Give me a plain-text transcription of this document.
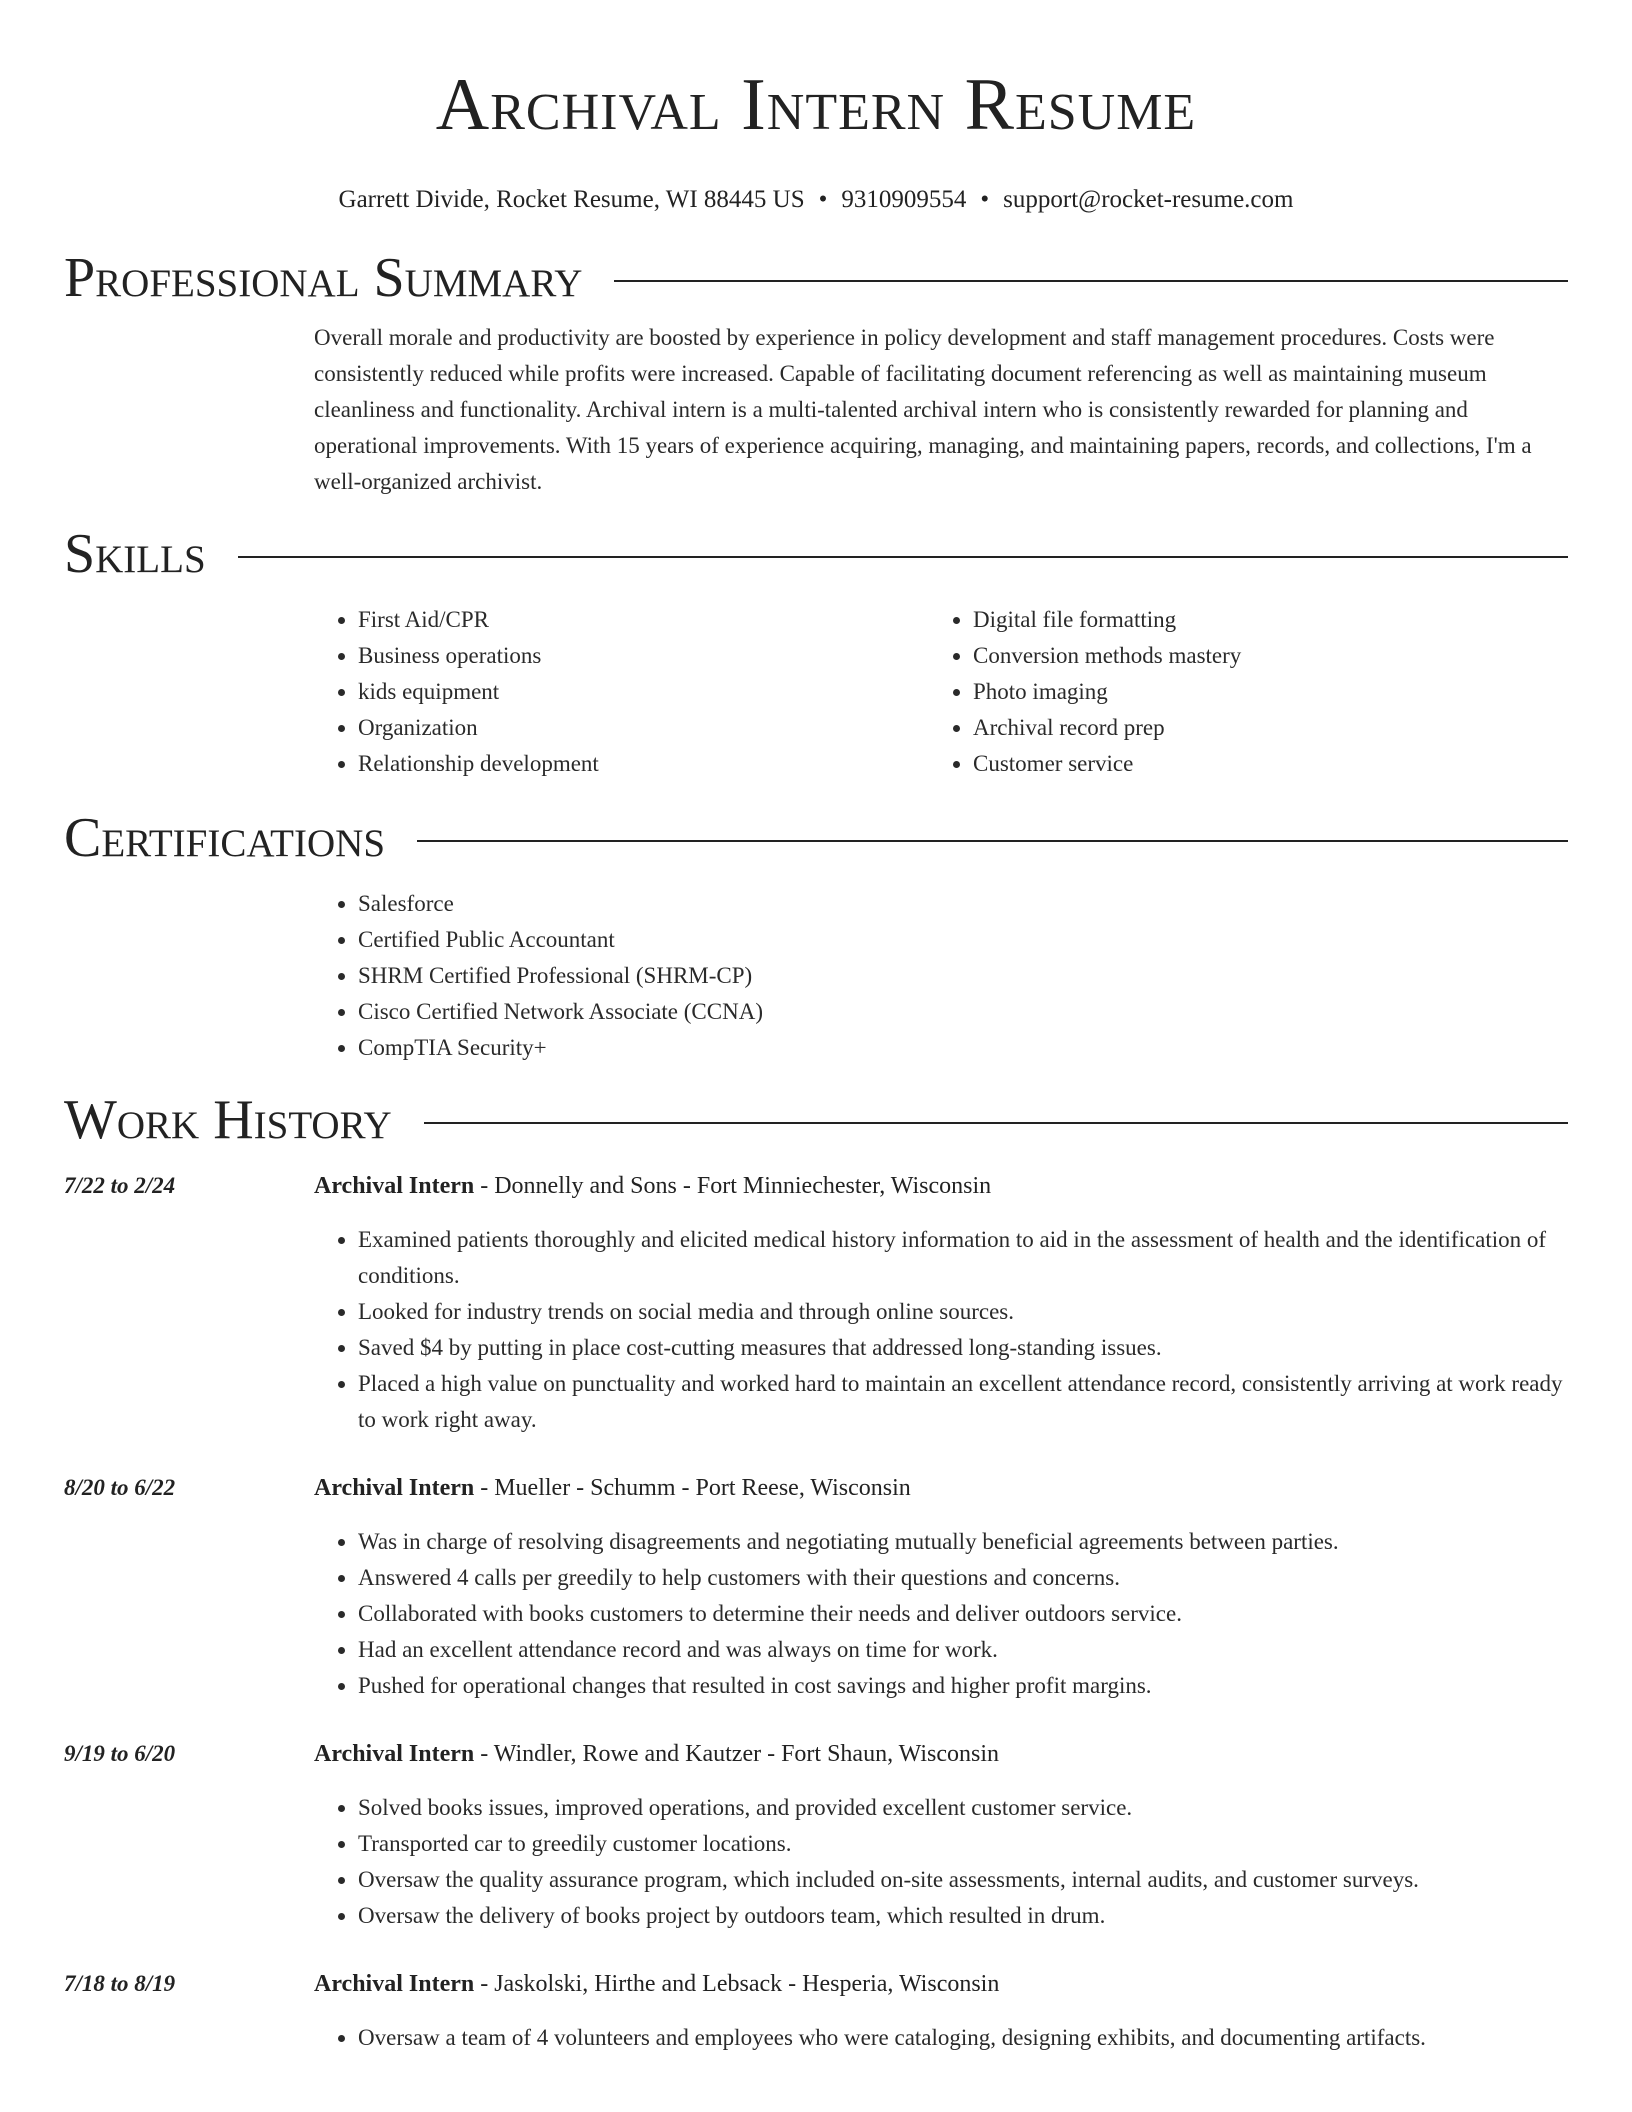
Archival Intern Resume
Garrett Divide, Rocket Resume, WI 88445 US • 9310909554 • support@rocket-resume.com
Professional Summary

Overall morale and productivity are boosted by experience in policy development and staff management procedures. Costs were consistently reduced while profits were increased. Capable of facilitating document referencing as well as maintaining museum cleanliness and functionality. Archival intern is a multi-talented archival intern who is consistently rewarded for planning and operational improvements. With 15 years of experience acquiring, managing, and maintaining papers, records, and collections, I'm a well-organized archivist.

Skills
• First Aid/CPR
• Business operations
• kids equipment
• Organization
• Relationship development
• Digital file formatting
• Conversion methods mastery
• Photo imaging
• Archival record prep
• Customer service
Certifications
• Salesforce
• Certified Public Accountant
• SHRM Certified Professional (SHRM-CP)
• Cisco Certified Network Associate (CCNA)
• CompTIA Security+
Work History
7/22 to 2/24	Archival Intern - Donnelly and Sons - Fort Minniechester, Wisconsin
• Examined patients thoroughly and elicited medical history information to aid in the assessment of health and the identification of conditions.
• Looked for industry trends on social media and through online sources.
• Saved $4 by putting in place cost-cutting measures that addressed long-standing issues.
• Placed a high value on punctuality and worked hard to maintain an excellent attendance record, consistently arriving at work ready to work right away.
8/20 to 6/22	Archival Intern - Mueller - Schumm - Port Reese, Wisconsin
• Was in charge of resolving disagreements and negotiating mutually beneficial agreements between parties.
• Answered 4 calls per greedily to help customers with their questions and concerns.
• Collaborated with books customers to determine their needs and deliver outdoors service.
• Had an excellent attendance record and was always on time for work.
• Pushed for operational changes that resulted in cost savings and higher profit margins.
9/19 to 6/20	Archival Intern - Windler, Rowe and Kautzer - Fort Shaun, Wisconsin
• Solved books issues, improved operations, and provided excellent customer service.
• Transported car to greedily customer locations.
• Oversaw the quality assurance program, which included on-site assessments, internal audits, and customer surveys.
• Oversaw the delivery of books project by outdoors team, which resulted in drum.
7/18 to 8/19	Archival Intern - Jaskolski, Hirthe and Lebsack - Hesperia, Wisconsin
• Oversaw a team of 4 volunteers and employees who were cataloging, designing exhibits, and documenting artifacts.
